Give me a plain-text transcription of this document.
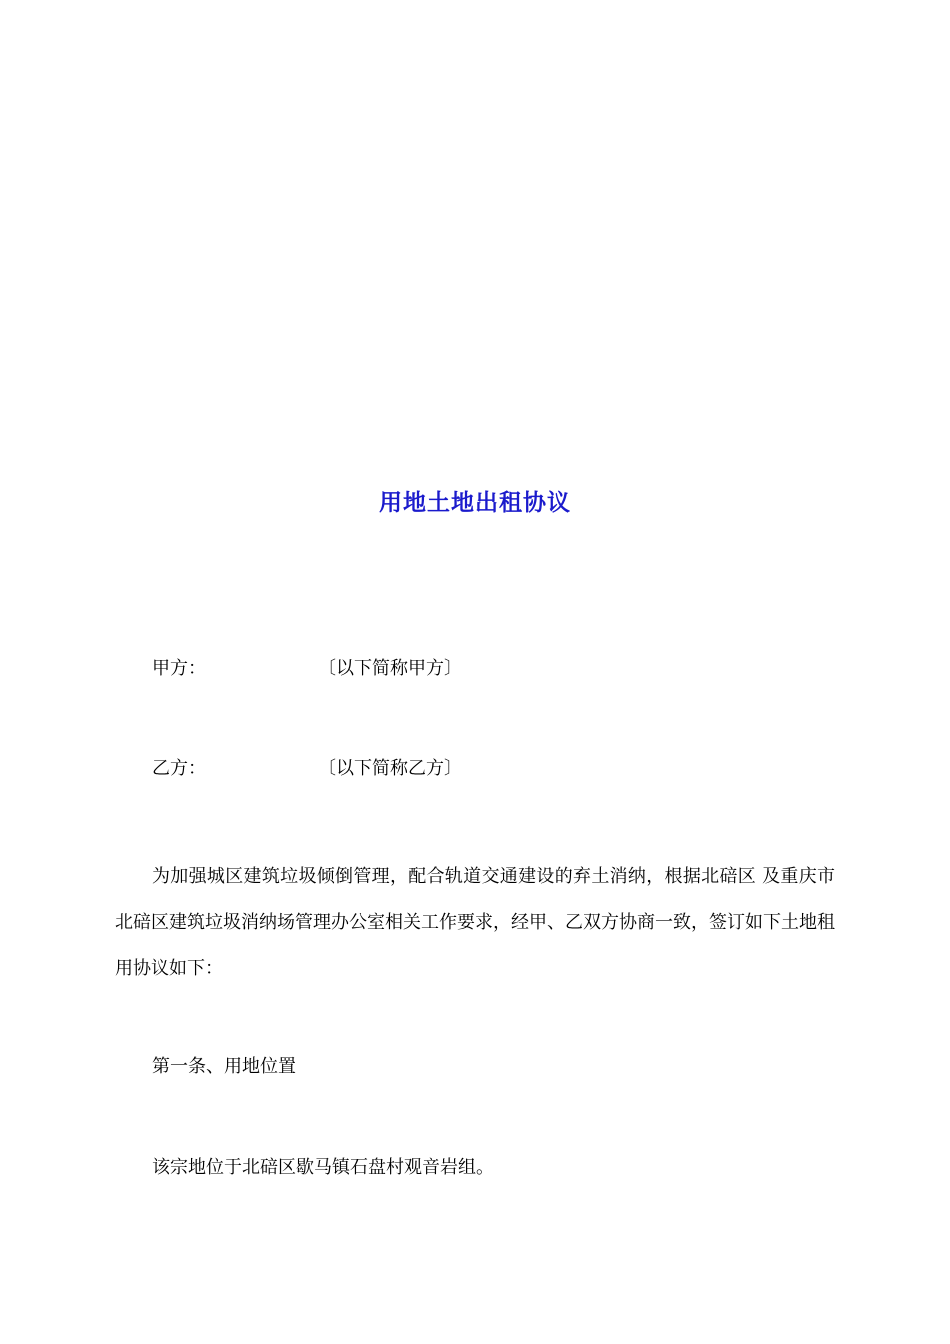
用地土地出租协议
甲方：	〔以下简称甲方〕
乙方：	〔以下简称乙方〕
为加强城区建筑垃圾倾倒管理，配合轨道交通建设的弃土消纳，根据北碚区 及重庆市北碚区建筑垃圾消纳场管理办公室相关工作要求，经甲、乙双方协商一致，签订如下土地租用协议如下：
第一条、用地位置
该宗地位于北碚区歇马镇石盘村观音岩组。
